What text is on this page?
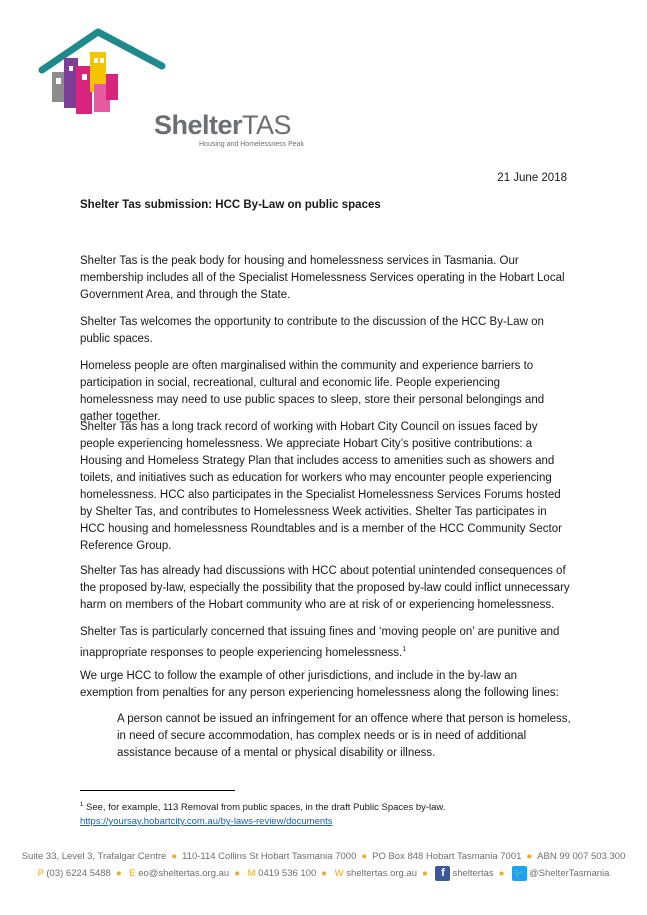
ShelterTAS
Housing and Homelessness Peak
21 June 2018
Shelter Tas submission: HCC By-Law on public spaces

Shelter Tas is the peak body for housing and homelessness services in Tasmania. Our membership includes all of the Specialist Homelessness Services operating in the Hobart Local Government Area, and through the State.

Shelter Tas welcomes the opportunity to contribute to the discussion of the HCC By-Law on public spaces.

Homeless people are often marginalised within the community and experience barriers to participation in social, recreational, cultural and economic life. People experiencing homelessness may need to use public spaces to sleep, store their personal belongings and gather together.

Shelter Tas has a long track record of working with Hobart City Council on issues faced by people experiencing homelessness. We appreciate Hobart City’s positive contributions: a Housing and Homeless Strategy Plan that includes access to amenities such as showers and toilets, and initiatives such as education for workers who may encounter people experiencing homelessness. HCC also participates in the Specialist Homelessness Services Forums hosted by Shelter Tas, and contributes to Homelessness Week activities. Shelter Tas participates in HCC housing and homelessness Roundtables and is a member of the HCC Community Sector Reference Group.

Shelter Tas has already had discussions with HCC about potential unintended consequences of the proposed by-law, especially the possibility that the proposed by-law could inflict unnecessary harm on members of the Hobart community who are at risk of or experiencing homelessness.

Shelter Tas is particularly concerned that issuing fines and ‘moving people on’ are punitive and inappropriate responses to people experiencing homelessness.$^1$

We urge HCC to follow the example of other jurisdictions, and include in the by-law an exemption from penalties for any person experiencing homelessness along the following lines:

A person cannot be issued an infringement for an offence where that person is homeless, in need of secure accommodation, has complex needs or is in need of additional assistance because of a mental or physical disability or illness.

$^1$ See, for example, 113 Removal from public spaces, in the draft Public Spaces by-law.
https://yoursay.hobartcity.com.au/by-laws-review/documents
Suite 33, Level 3, Trafalgar Centre ● 110-114 Collins St Hobart Tasmania 7000 ● PO Box 848 Hobart Tasmania 7001 ● ABN 99 007 503 300
P (03) 6224 5488 ● E eo@sheltertas.org.au ● M 0419 536 100 ● W sheltertas.org.au ● f sheltertas ● 🐦 @ShelterTasmania
